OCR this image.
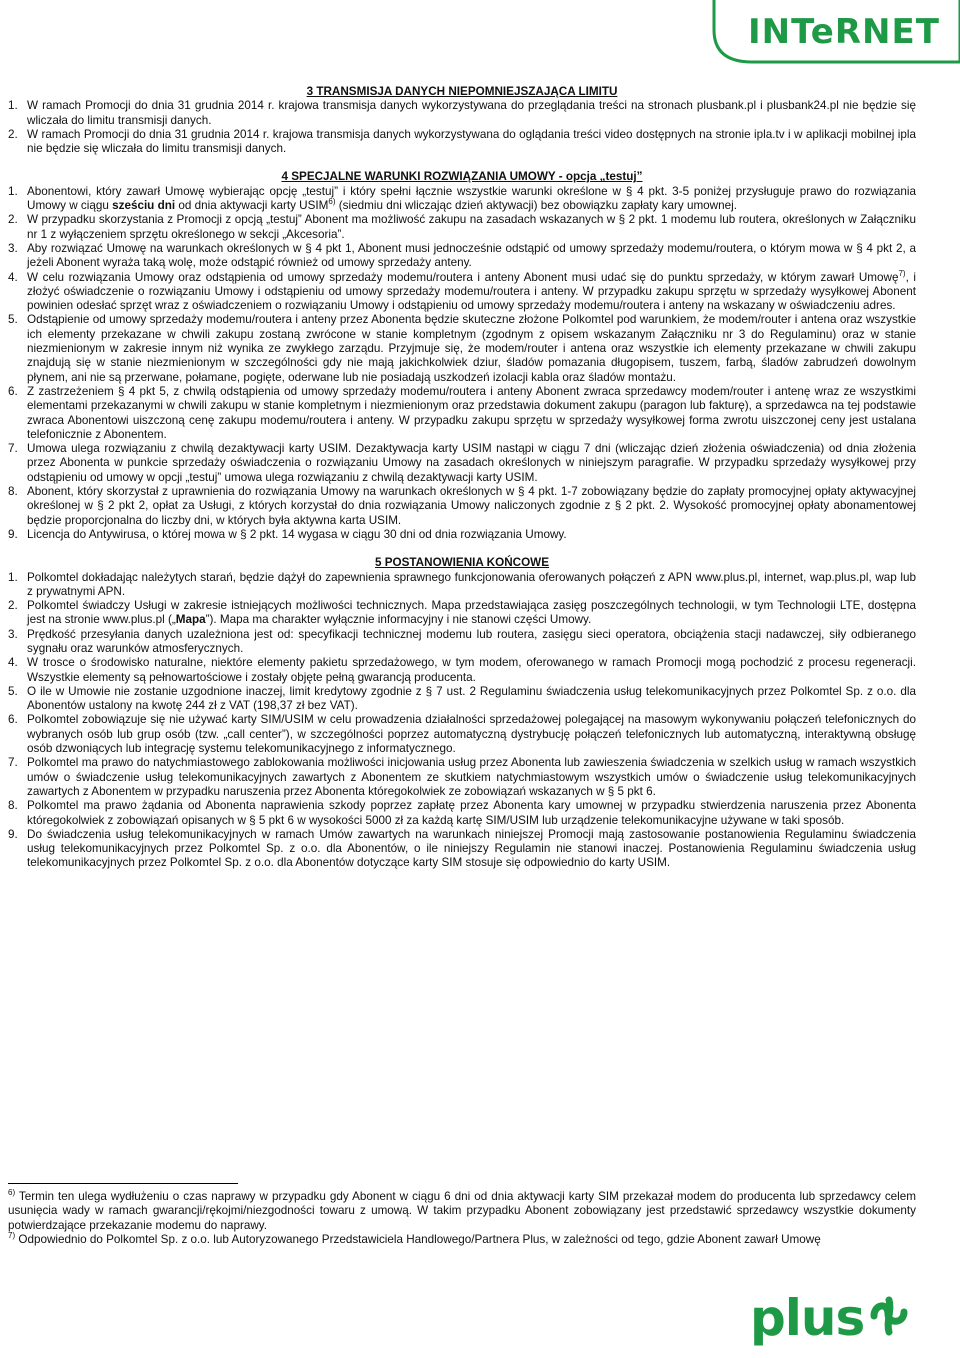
INTeRNET
3 TRANSMISJA DANYCH NIEPOMNIEJSZAJĄCA LIMITU
1. W ramach Promocji do dnia 31 grudnia 2014 r. krajowa transmisja danych wykorzystywana do przeglądania treści na stronach plusbank.pl i plusbank24.pl nie będzie się wliczała do limitu transmisji danych.
2. W ramach Promocji do dnia 31 grudnia 2014 r. krajowa transmisja danych wykorzystywana do oglądania treści video dostępnych na stronie ipla.tv i w aplikacji mobilnej ipla nie będzie się wliczała do limitu transmisji danych.
4 SPECJALNE WARUNKI ROZWIĄZANIA UMOWY - opcja „testuj”
1. Abonentowi, który zawarł Umowę wybierając opcję „testuj” i który spełni łącznie wszystkie warunki określone w § 4 pkt. 3-5 poniżej przysługuje prawo do rozwiązania Umowy w ciągu sześciu dni od dnia aktywacji karty USIM$^{6)}$ (siedmiu dni wliczając dzień aktywacji) bez obowiązku zapłaty kary umownej.
2. W przypadku skorzystania z Promocji z opcją „testuj” Abonent ma możliwość zakupu na zasadach wskazanych w § 2 pkt. 1 modemu lub routera, określonych w Załączniku nr 1 z wyłączeniem sprzętu określonego w sekcji „Akcesoria”.
3. Aby rozwiązać Umowę na warunkach określonych w § 4 pkt 1, Abonent musi jednocześnie odstąpić od umowy sprzedaży modemu/routera, o którym mowa w § 4 pkt 2, a jeżeli Abonent wyraża taką wolę, może odstąpić również od umowy sprzedaży anteny.
4. W celu rozwiązania Umowy oraz odstąpienia od umowy sprzedaży modemu/routera i anteny Abonent musi udać się do punktu sprzedaży, w którym zawarł Umowę$^{7)}$, i złożyć oświadczenie o rozwiązaniu Umowy i odstąpieniu od umowy sprzedaży modemu/routera i anteny. W przypadku zakupu sprzętu w sprzedaży wysyłkowej Abonent powinien odesłać sprzęt wraz z oświadczeniem o rozwiązaniu Umowy i odstąpieniu od umowy sprzedaży modemu/routera i anteny na wskazany w oświadczeniu adres.
5. Odstąpienie od umowy sprzedaży modemu/routera i anteny przez Abonenta będzie skuteczne złożone Polkomtel pod warunkiem, że modem/router i antena oraz wszystkie ich elementy przekazane w chwili zakupu zostaną zwrócone w stanie kompletnym (zgodnym z opisem wskazanym Załączniku nr 3 do Regulaminu) oraz w stanie niezmienionym w zakresie innym niż wynika ze zwykłego zarządu. Przyjmuje się, że modem/router i antena oraz wszystkie ich elementy przekazane w chwili zakupu znajdują się w stanie niezmienionym w szczególności gdy nie mają jakichkolwiek dziur, śladów pomazania długopisem, tuszem, farbą, śladów zabrudzeń dowolnym płynem, ani nie są przerwane, połamane, pogięte, oderwane lub nie posiadają uszkodzeń izolacji kabla oraz śladów montażu.
6. Z zastrzeżeniem § 4 pkt 5, z chwilą odstąpienia od umowy sprzedaży modemu/routera i anteny Abonent zwraca sprzedawcy modem/router i antenę wraz ze wszystkimi elementami przekazanymi w chwili zakupu w stanie kompletnym i niezmienionym oraz przedstawia dokument zakupu (paragon lub fakturę), a sprzedawca na tej podstawie zwraca Abonentowi uiszczoną cenę zakupu modemu/routera i anteny. W przypadku zakupu sprzętu w sprzedaży wysyłkowej forma zwrotu uiszczonej ceny jest ustalana telefonicznie z Abonentem.
7. Umowa ulega rozwiązaniu z chwilą dezaktywacji karty USIM. Dezaktywacja karty USIM nastąpi w ciągu 7 dni (wliczając dzień złożenia oświadczenia) od dnia złożenia przez Abonenta w punkcie sprzedaży oświadczenia o rozwiązaniu Umowy na zasadach określonych w niniejszym paragrafie. W przypadku sprzedaży wysyłkowej przy odstąpieniu od umowy w opcji „testuj” umowa ulega rozwiązaniu z chwilą dezaktywacji karty USIM.
8. Abonent, który skorzystał z uprawnienia do rozwiązania Umowy na warunkach określonych w § 4 pkt. 1-7 zobowiązany będzie do zapłaty promocyjnej opłaty aktywacyjnej określonej w § 2 pkt 2, opłat za Usługi, z których korzystał do dnia rozwiązania Umowy naliczonych zgodnie z § 2 pkt. 2. Wysokość promocyjnej opłaty abonamentowej będzie proporcjonalna do liczby dni, w których była aktywna karta USIM.
9. Licencja do Antywirusa, o której mowa w § 2 pkt. 14 wygasa w ciągu 30 dni od dnia rozwiązania Umowy.
5 POSTANOWIENIA KOŃCOWE
1. Polkomtel dokładając należytych starań, będzie dążył do zapewnienia sprawnego funkcjonowania oferowanych połączeń z APN www.plus.pl, internet, wap.plus.pl, wap lub z prywatnymi APN.
2. Polkomtel świadczy Usługi w zakresie istniejących możliwości technicznych. Mapa przedstawiająca zasięg poszczególnych technologii, w tym Technologii LTE, dostępna jest na stronie www.plus.pl („Mapa”). Mapa ma charakter wyłącznie informacyjny i nie stanowi części Umowy.
3. Prędkość przesyłania danych uzależniona jest od: specyfikacji technicznej modemu lub routera, zasięgu sieci operatora, obciążenia stacji nadawczej, siły odbieranego sygnału oraz warunków atmosferycznych.
4. W trosce o środowisko naturalne, niektóre elementy pakietu sprzedażowego, w tym modem, oferowanego w ramach Promocji mogą pochodzić z procesu regeneracji. Wszystkie elementy są pełnowartościowe i zostały objęte pełną gwarancją producenta.
5. O ile w Umowie nie zostanie uzgodnione inaczej, limit kredytowy zgodnie z § 7 ust. 2 Regulaminu świadczenia usług telekomunikacyjnych przez Polkomtel Sp. z o.o. dla Abonentów ustalony na kwotę 244 zł z VAT (198,37 zł bez VAT).
6. Polkomtel zobowiązuje się nie używać karty SIM/USIM w celu prowadzenia działalności sprzedażowej polegającej na masowym wykonywaniu połączeń telefonicznych do wybranych osób lub grup osób (tzw. „call center”), w szczególności poprzez automatyczną dystrybucję połączeń telefonicznych lub automatyczną, interaktywną obsługę osób dzwoniących lub integrację systemu telekomunikacyjnego z informatycznego.
7. Polkomtel ma prawo do natychmiastowego zablokowania możliwości inicjowania usług przez Abonenta lub zawieszenia świadczenia w szelkich usług w ramach wszystkich umów o świadczenie usług telekomunikacyjnych zawartych z Abonentem ze skutkiem natychmiastowym wszystkich umów o świadczenie usług telekomunikacyjnych zawartych z Abonentem w przypadku naruszenia przez Abonenta któregokolwiek ze zobowiązań wskazanych w § 5 pkt 6.
8. Polkomtel ma prawo żądania od Abonenta naprawienia szkody poprzez zapłatę przez Abonenta kary umownej w przypadku stwierdzenia naruszenia przez Abonenta któregokolwiek z zobowiązań opisanych w § 5 pkt 6 w wysokości 5000 zł za każdą kartę SIM/USIM lub urządzenie telekomunikacyjne używane w taki sposób.
9. Do świadczenia usług telekomunikacyjnych w ramach Umów zawartych na warunkach niniejszej Promocji mają zastosowanie postanowienia Regulaminu świadczenia usług telekomunikacyjnych przez Polkomtel Sp. z o.o. dla Abonentów, o ile niniejszy Regulamin nie stanowi inaczej. Postanowienia Regulaminu świadczenia usług telekomunikacyjnych przez Polkomtel Sp. z o.o. dla Abonentów dotyczące karty SIM stosuje się odpowiednio do karty USIM.

$^{6)}$ Termin ten ulega wydłużeniu o czas naprawy w przypadku gdy Abonent w ciągu 6 dni od dnia aktywacji karty SIM przekazał modem do producenta lub sprzedawcy celem usunięcia wady w ramach gwarancji/rękojmi/niezgodności towaru z umową. W takim przypadku Abonent zobowiązany jest przedstawić sprzedawcy wszystkie dokumenty potwierdzające przekazanie modemu do naprawy.

$^{7)}$ Odpowiednio do Polkomtel Sp. z o.o. lub Autoryzowanego Przedstawiciela Handlowego/Partnera Plus, w zależności od tego, gdzie Abonent zawarł Umowę

plus
